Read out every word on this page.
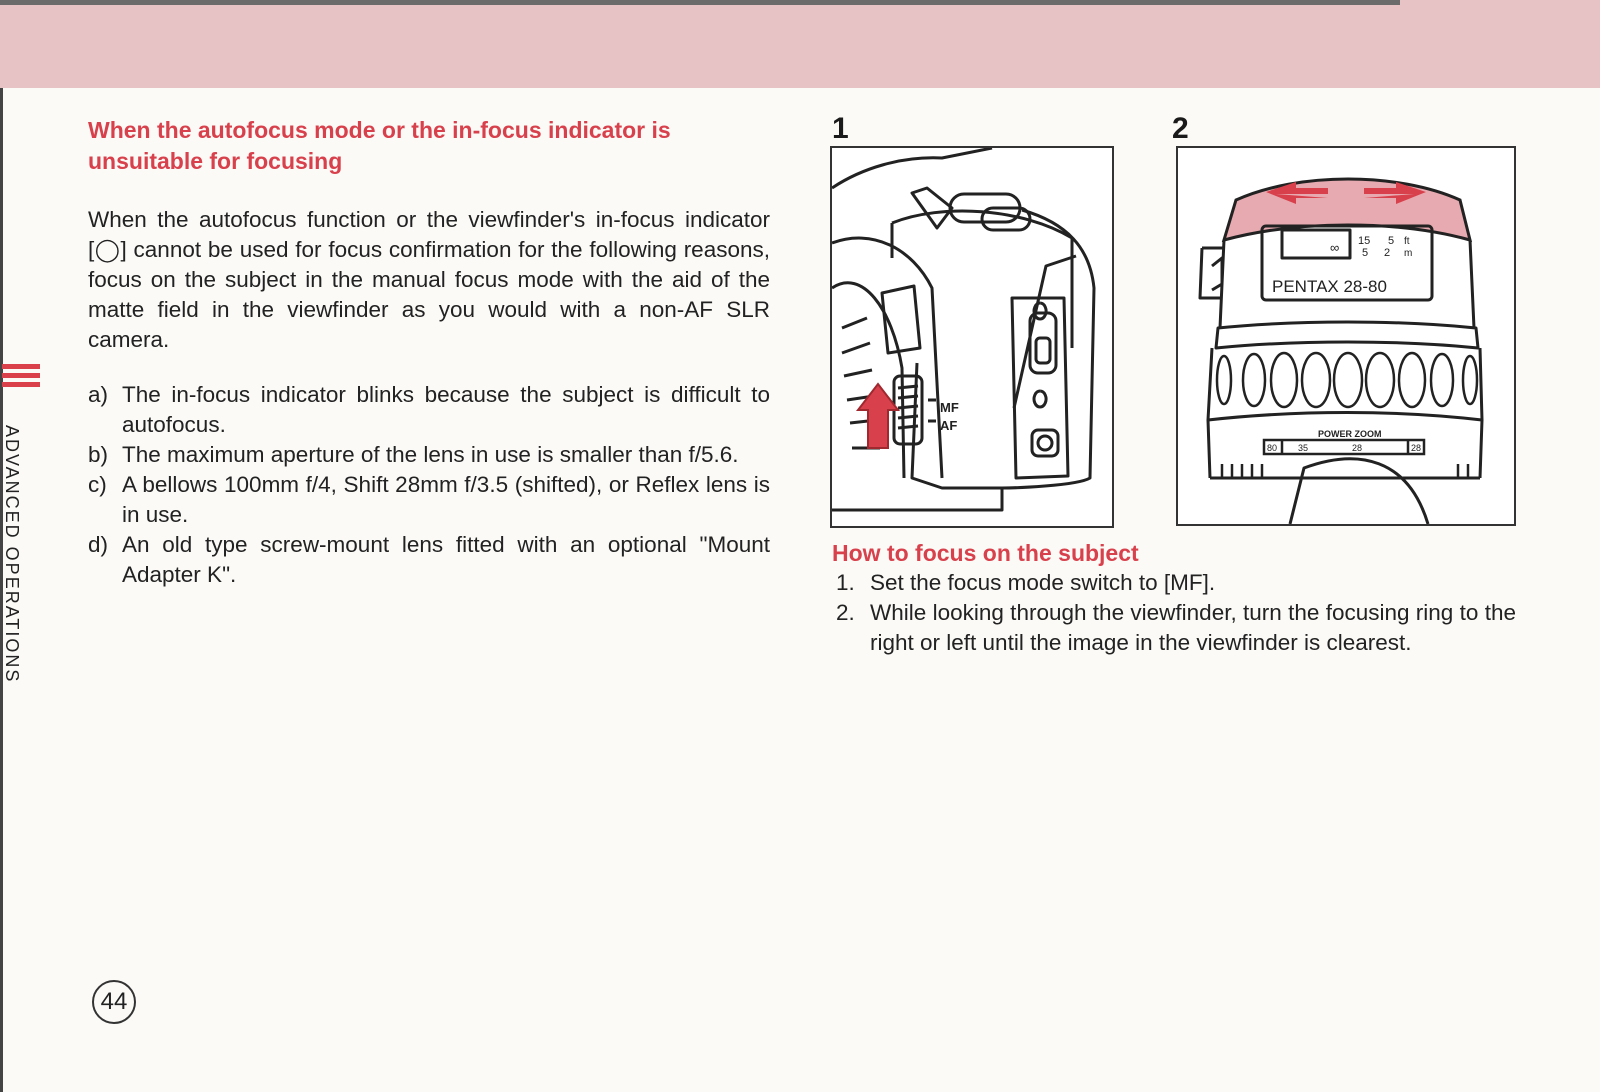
ADVANCED OPERATIONS
When the autofocus mode or the in-focus indicator is
unsuitable for focusing

When the autofocus function or the viewfinder's in-focus indicator [◯] cannot be used for focus confirmation for the following reasons, focus on the subject in the manual focus mode with the aid of the matte field in the viewfinder as you would with a non-AF SLR camera.

a) The in-focus indicator blinks because the subject is difficult to autofocus.
b) The maximum aperture of the lens in use is smaller than f/5.6.
c) A bellows 100mm f/4, Shift 28mm f/3.5 (shifted), or Reflex lens is in use.
d) An old type screw-mount lens fitted with an optional "Mount Adapter K".
1
MF
AF
2
∞ 15 5 ft
5 2 m
PENTAX 28-80
POWER ZOOM
80 35	28	28
How to focus on the subject
1. Set the focus mode switch to [MF].
2. While looking through the viewfinder, turn the focusing ring to the right or left until the image in the viewfinder is clearest.
44
